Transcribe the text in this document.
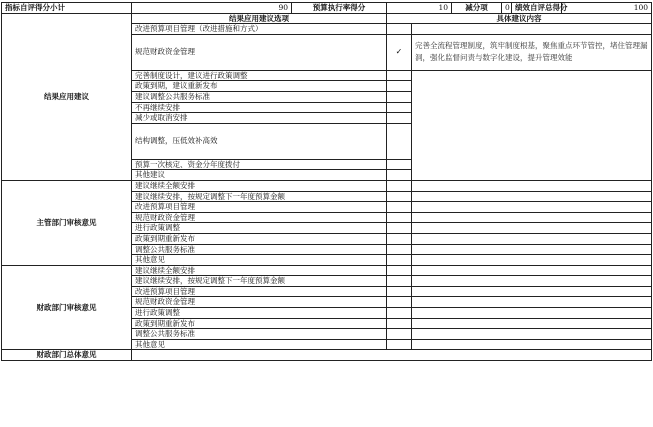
指标自评得分小计	90	预算执行率得分	10		减分项	0	绩效自评总得分	100
结果应用建议	结果应用建议选项		具体建议内容					
	改进预算项目管理（改进措施和方式）							
	规范财政资金管理		✓	完善全流程管理制度，筑牢制度根基，聚焦重点环节管控，堵住管理漏洞，强化监督问责与数字化建设，提升管理效能				
	完善制度设计，建议进行政策调整							
	政策到期，建议重新发布							
	建议调整公共服务标准							
	不再继续安排							
	减少或取消安排							
	结构调整，压低效补高效							
	预算一次核定、资金分年度拨付							
	其他建议							
主管部门审核意见	建议继续全额安排							
	建议继续安排，按规定调整下一年度预算金额							
	改进预算项目管理							
	规范财政资金管理							
	进行政策调整							
	政策到期重新发布							
	调整公共服务标准							
	其他意见							
财政部门审核意见	建议继续全额安排							
	建议继续安排，按规定调整下一年度预算金额							
	改进预算项目管理							
	规范财政资金管理							
	进行政策调整							
	政策到期重新发布							
	调整公共服务标准							
	其他意见							
财政部门总体意见								
